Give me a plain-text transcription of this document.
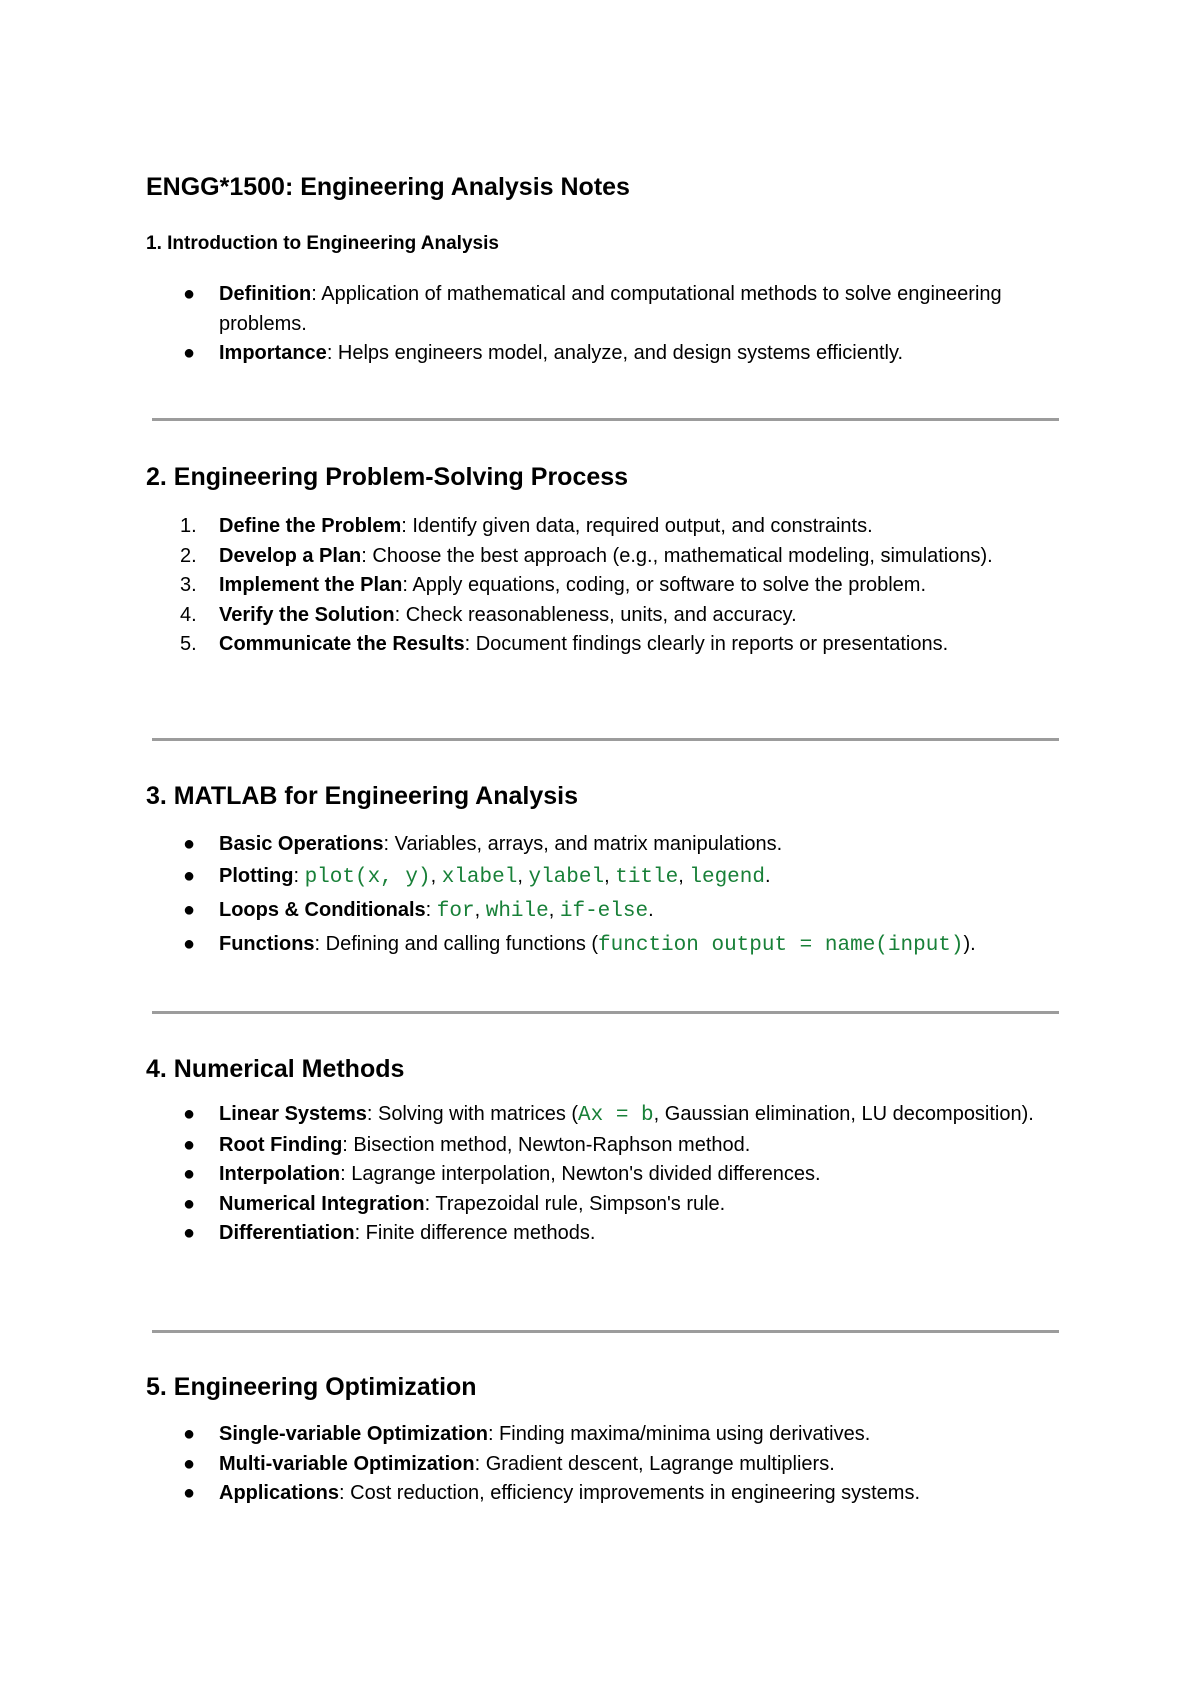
ENGG*1500: Engineering Analysis Notes
1. Introduction to Engineering Analysis
● Definition: Application of mathematical and computational methods to solve engineering problems.
● Importance: Helps engineers model, analyze, and design systems efficiently.
2. Engineering Problem-Solving Process
1. Define the Problem: Identify given data, required output, and constraints.
2. Develop a Plan: Choose the best approach (e.g., mathematical modeling, simulations).
3. Implement the Plan: Apply equations, coding, or software to solve the problem.
4. Verify the Solution: Check reasonableness, units, and accuracy.
5. Communicate the Results: Document findings clearly in reports or presentations.
3. MATLAB for Engineering Analysis
● Basic Operations: Variables, arrays, and matrix manipulations.
● Plotting: plot(x, y), xlabel, ylabel, title, legend.
● Loops & Conditionals: for, while, if-else.
● Functions: Defining and calling functions (function output = name(input)).
4. Numerical Methods
● Linear Systems: Solving with matrices (Ax = b, Gaussian elimination, LU decomposition).
● Root Finding: Bisection method, Newton-Raphson method.
● Interpolation: Lagrange interpolation, Newton's divided differences.
● Numerical Integration: Trapezoidal rule, Simpson's rule.
● Differentiation: Finite difference methods.
5. Engineering Optimization
● Single-variable Optimization: Finding maxima/minima using derivatives.
● Multi-variable Optimization: Gradient descent, Lagrange multipliers.
● Applications: Cost reduction, efficiency improvements in engineering systems.
